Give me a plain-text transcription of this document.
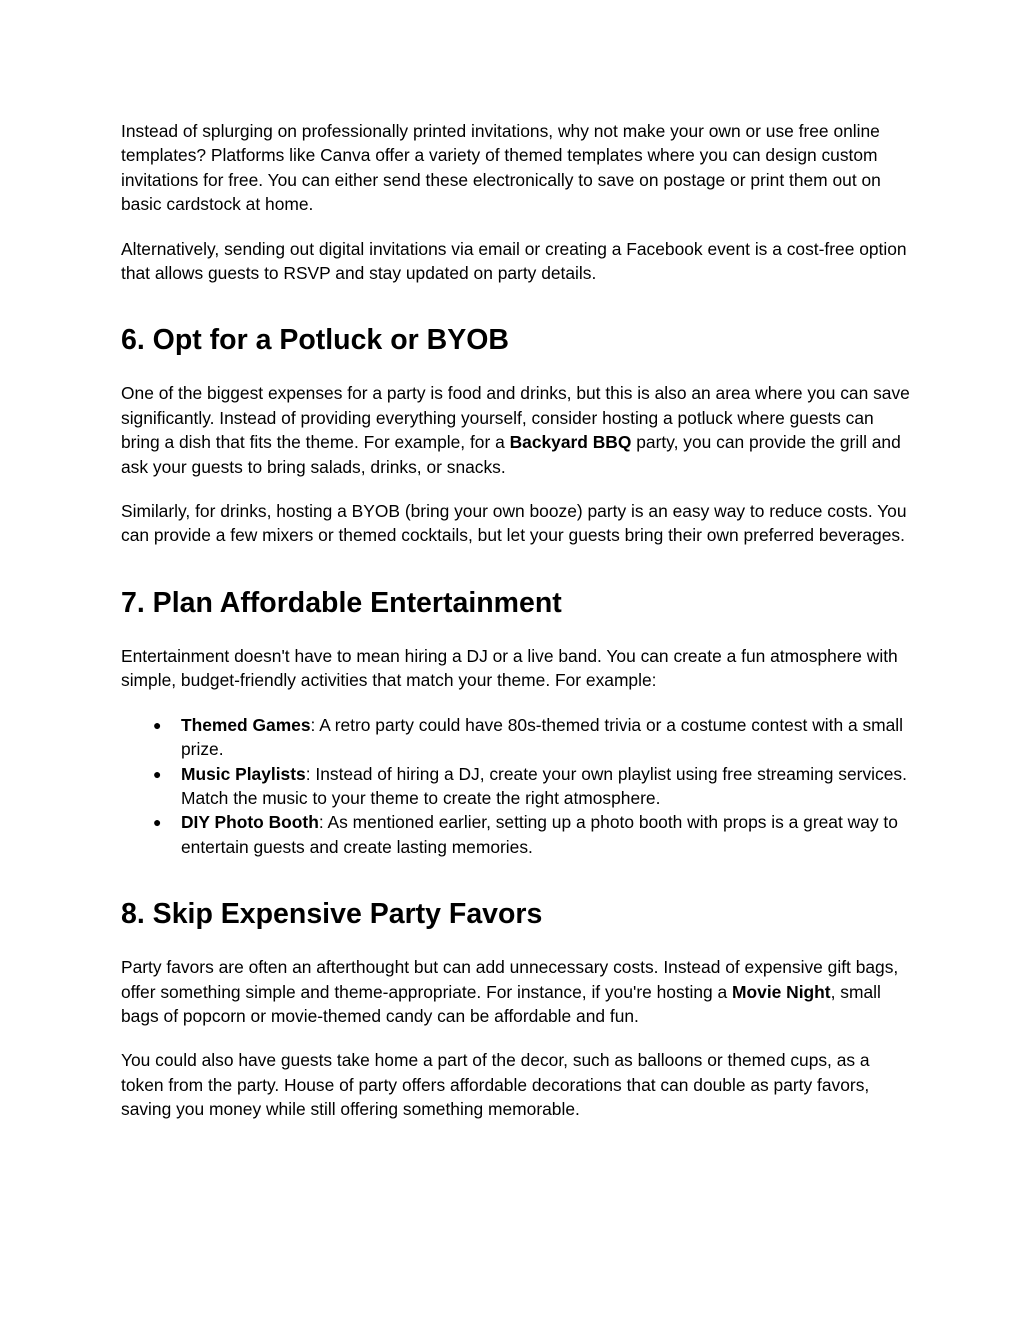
Instead of splurging on professionally printed invitations, why not make your own or use free online templates? Platforms like Canva offer a variety of themed templates where you can design custom invitations for free. You can either send these electronically to save on postage or print them out on basic cardstock at home.

Alternatively, sending out digital invitations via email or creating a Facebook event is a cost-free option that allows guests to RSVP and stay updated on party details.

6. Opt for a Potluck or BYOB

One of the biggest expenses for a party is food and drinks, but this is also an area where you can save significantly. Instead of providing everything yourself, consider hosting a potluck where guests can bring a dish that fits the theme. For example, for a Backyard BBQ party, you can provide the grill and ask your guests to bring salads, drinks, or snacks.

Similarly, for drinks, hosting a BYOB (bring your own booze) party is an easy way to reduce costs. You can provide a few mixers or themed cocktails, but let your guests bring their own preferred beverages.

7. Plan Affordable Entertainment

Entertainment doesn't have to mean hiring a DJ or a live band. You can create a fun atmosphere with simple, budget-friendly activities that match your theme. For example:

● Themed Games: A retro party could have 80s-themed trivia or a costume contest with a small prize.
● Music Playlists: Instead of hiring a DJ, create your own playlist using free streaming services. Match the music to your theme to create the right atmosphere.
● DIY Photo Booth: As mentioned earlier, setting up a photo booth with props is a great way to entertain guests and create lasting memories.
8. Skip Expensive Party Favors

Party favors are often an afterthought but can add unnecessary costs. Instead of expensive gift bags, offer something simple and theme-appropriate. For instance, if you're hosting a Movie Night, small bags of popcorn or movie-themed candy can be affordable and fun.

You could also have guests take home a part of the decor, such as balloons or themed cups, as a token from the party. House of party offers affordable decorations that can double as party favors, saving you money while still offering something memorable.
